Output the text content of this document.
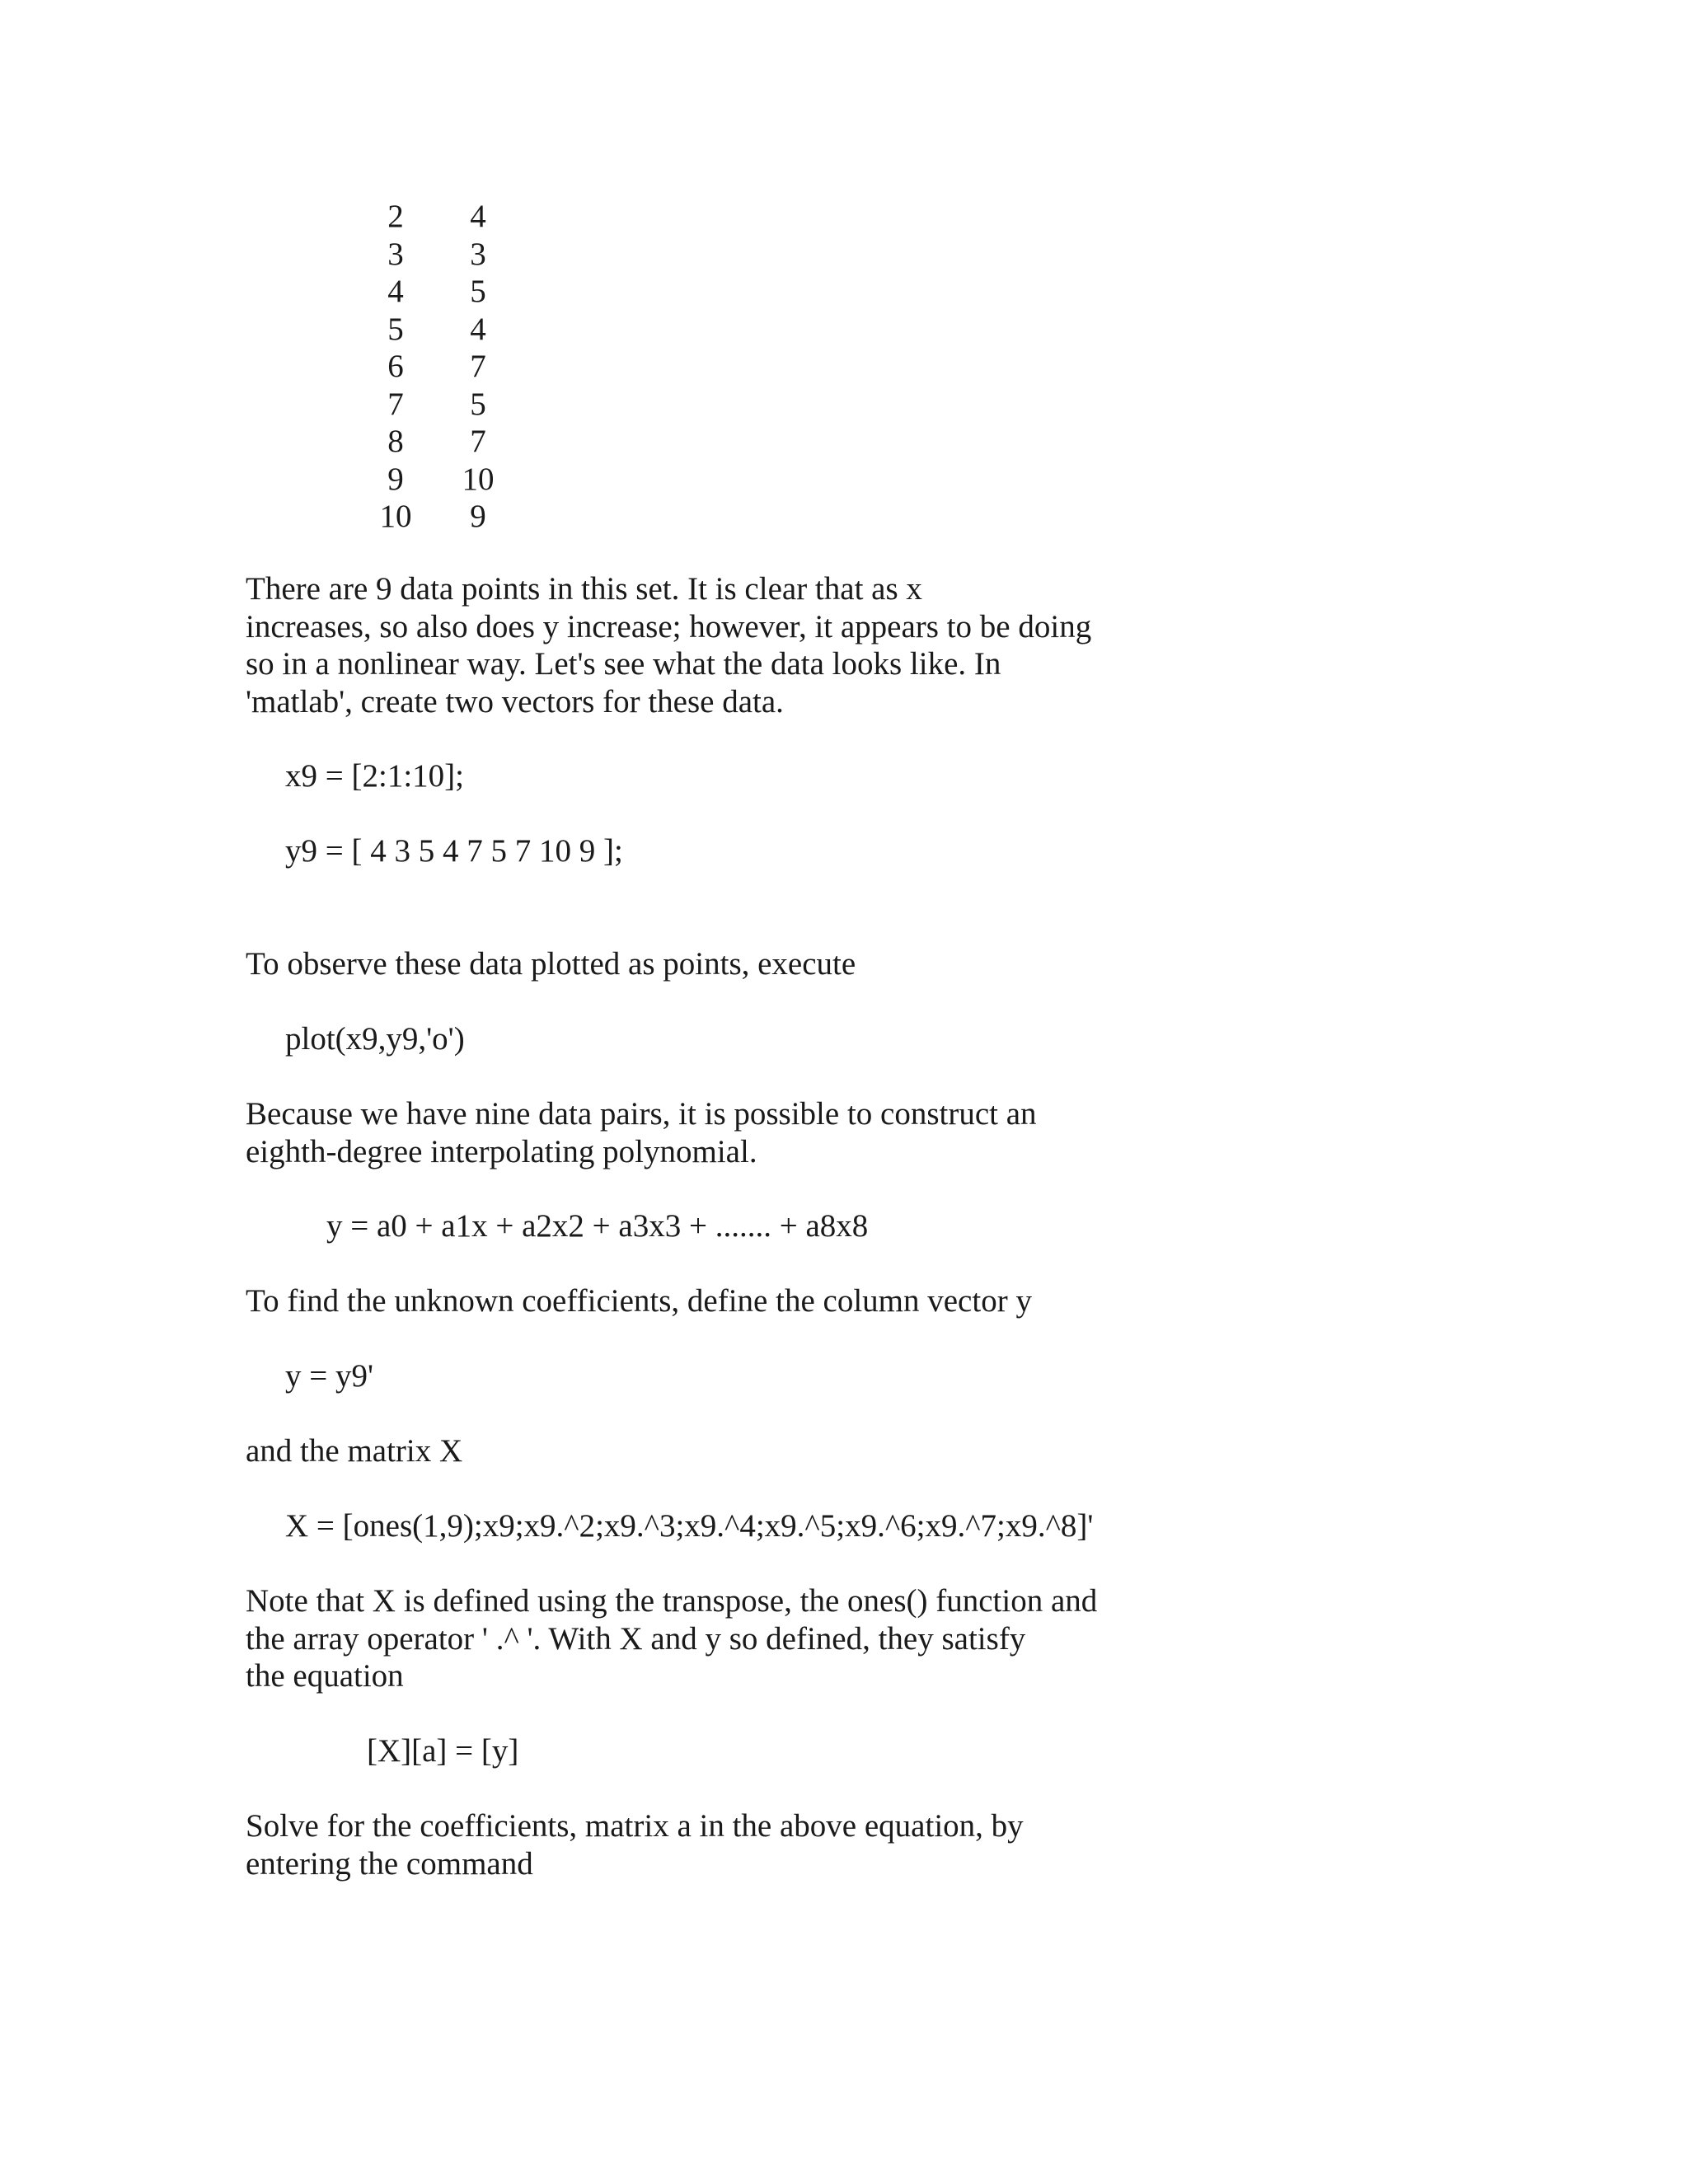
2	4
3	3
4	5
5	4
6	7
7	5
8	7
9	10
10	9

There are 9 data points in this set. It is clear that as x
increases, so also does y increase; however, it appears to be doing
so in a nonlinear way. Let's see what the data looks like. In
'matlab', create two vectors for these data.

x9 = [2:1:10];

y9 = [ 4 3 5 4 7 5 7 10 9 ];

To observe these data plotted as points, execute

plot(x9,y9,'o')

Because we have nine data pairs, it is possible to construct an
eighth-degree interpolating polynomial.

y = a0 + a1x + a2x2 + a3x3 + ....... + a8x8

To find the unknown coefficients, define the column vector y

y = y9'

and the matrix X

X = [ones(1,9);x9;x9.^2;x9.^3;x9.^4;x9.^5;x9.^6;x9.^7;x9.^8]'

Note that X is defined using the transpose, the ones() function and
the array operator ' .^ '. With X and y so defined, they satisfy
the equation

[X][a] = [y]

Solve for the coefficients, matrix a in the above equation, by
entering the command
